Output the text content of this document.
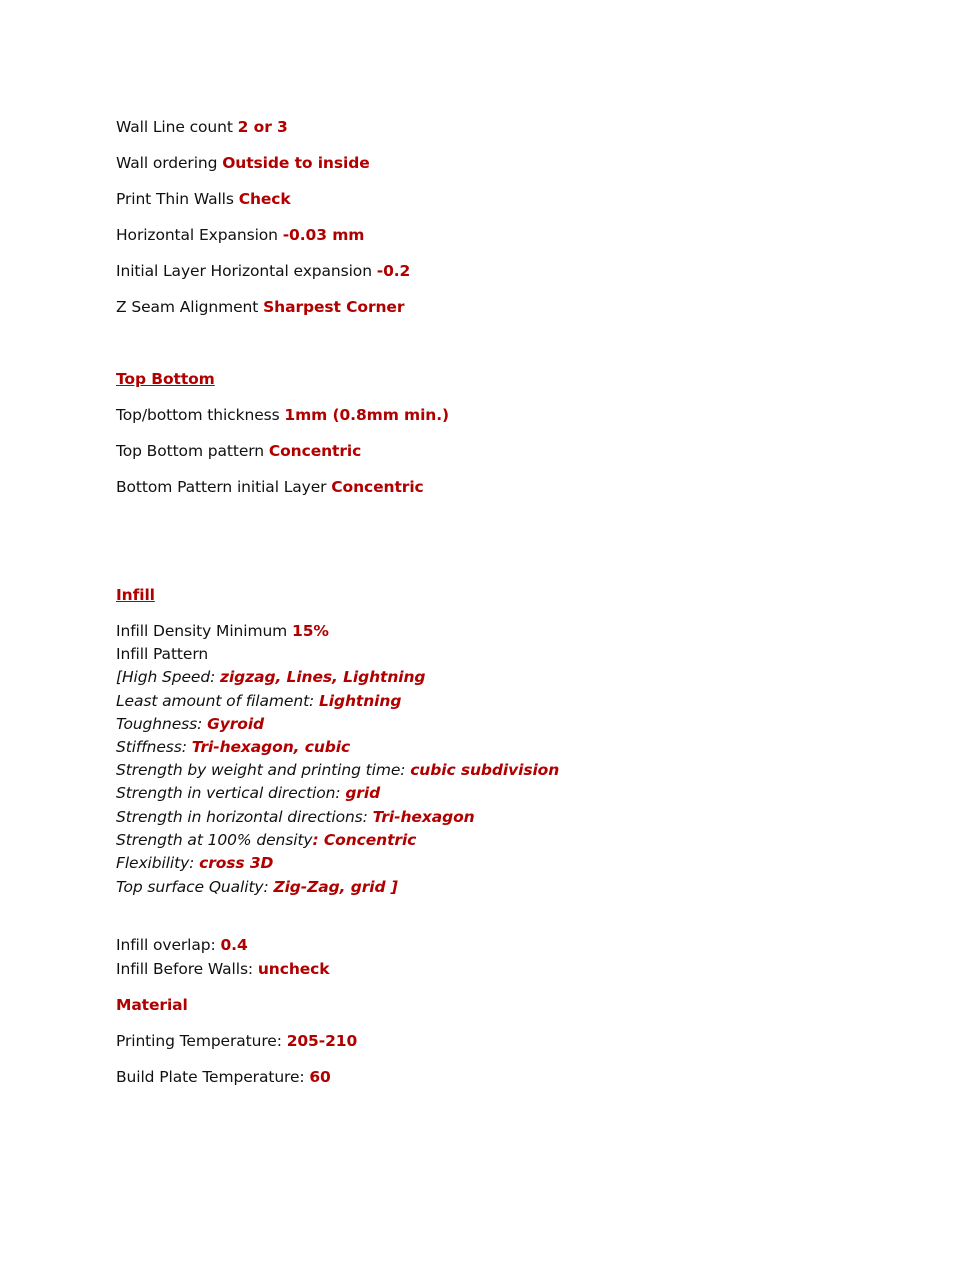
Wall Line count 2 or 3
Wall ordering Outside to inside
Print Thin Walls Check
Horizontal Expansion -0.03 mm
Initial Layer Horizontal expansion -0.2
Z Seam Alignment Sharpest Corner
Top Bottom
Top/bottom thickness 1mm (0.8mm min.)
Top Bottom pattern Concentric
Bottom Pattern initial Layer Concentric
Infill
Infill Density Minimum 15%
Infill Pattern
[High Speed: zigzag, Lines, Lightning
Least amount of filament: Lightning
Toughness: Gyroid
Stiffness: Tri-hexagon, cubic
Strength by weight and printing time: cubic subdivision
Strength in vertical direction: grid
Strength in horizontal directions: Tri-hexagon
Strength at 100% density: Concentric
Flexibility: cross 3D
Top surface Quality: Zig-Zag, grid ]
Infill overlap: 0.4
Infill Before Walls: uncheck
Material
Printing Temperature: 205-210
Build Plate Temperature: 60
